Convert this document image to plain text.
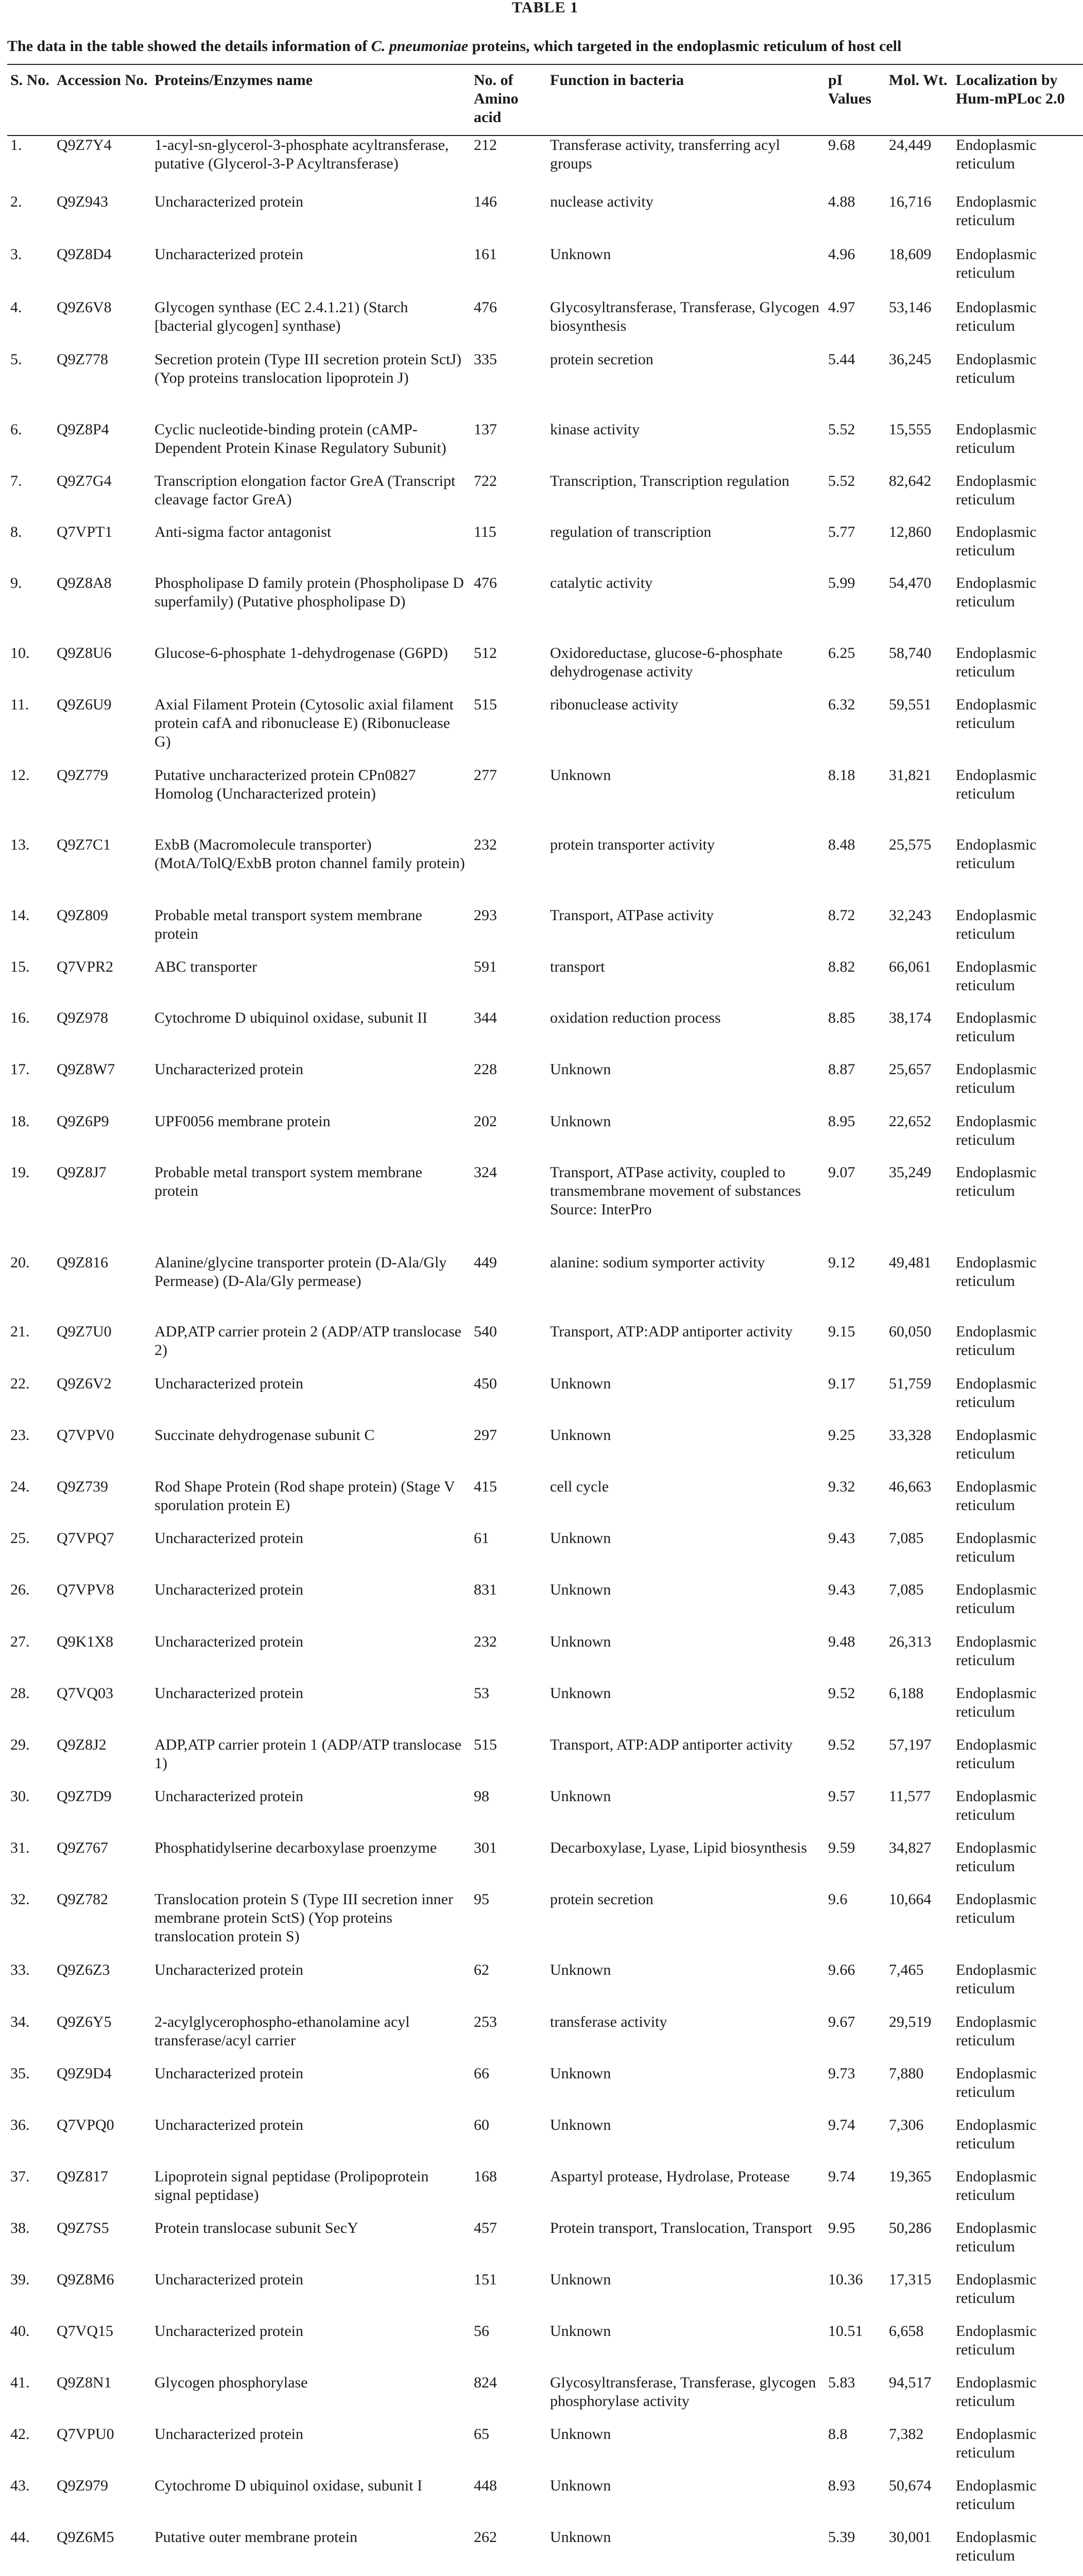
TABLE 1
The data in the table showed the details information of C. pneumoniae proteins, which targeted in the endoplasmic reticulum of host cell
S. No.	Accession No.	Proteins/Enzymes name	No. of Amino acid	Function in bacteria	pI Values	Mol. Wt.	Localization by Hum-mPLoc 2.0
1.	Q9Z7Y4	1-acyl-sn-glycerol-3-phosphate acyltransferase, putative (Glycerol-3-P Acyltransferase)	212	Transferase activity, transferring acyl groups	9.68	24,449	Endoplasmic reticulum
2.	Q9Z943	Uncharacterized protein	146	nuclease activity	4.88	16,716	Endoplasmic reticulum
3.	Q9Z8D4	Uncharacterized protein	161	Unknown	4.96	18,609	Endoplasmic reticulum
4.	Q9Z6V8	Glycogen synthase (EC 2.4.1.21) (Starch [bacterial glycogen] synthase)	476	Glycosyltransferase, Transferase, Glycogen biosynthesis	4.97	53,146	Endoplasmic reticulum
5.	Q9Z778	Secretion protein (Type III secretion protein SctJ) (Yop proteins translocation lipoprotein J)	335	protein secretion	5.44	36,245	Endoplasmic reticulum
6.	Q9Z8P4	Cyclic nucleotide-binding protein (cAMP-Dependent Protein Kinase Regulatory Subunit)	137	kinase activity	5.52	15,555	Endoplasmic reticulum
7.	Q9Z7G4	Transcription elongation factor GreA (Transcript cleavage factor GreA)	722	Transcription, Transcription regulation	5.52	82,642	Endoplasmic reticulum
8.	Q7VPT1	Anti-sigma factor antagonist	115	regulation of transcription	5.77	12,860	Endoplasmic reticulum
9.	Q9Z8A8	Phospholipase D family protein (Phospholipase D superfamily) (Putative phospholipase D)	476	catalytic activity	5.99	54,470	Endoplasmic reticulum
10.	Q9Z8U6	Glucose-6-phosphate 1-dehydrogenase (G6PD)	512	Oxidoreductase, glucose-6-phosphate dehydrogenase activity	6.25	58,740	Endoplasmic reticulum
11.	Q9Z6U9	Axial Filament Protein (Cytosolic axial filament protein cafA and ribonuclease E) (Ribonuclease G)	515	ribonuclease activity	6.32	59,551	Endoplasmic reticulum
12.	Q9Z779	Putative uncharacterized protein CPn0827 Homolog (Uncharacterized protein)	277	Unknown	8.18	31,821	Endoplasmic reticulum
13.	Q9Z7C1	ExbB (Macromolecule transporter) (MotA/TolQ/ExbB proton channel family protein)	232	protein transporter activity	8.48	25,575	Endoplasmic reticulum
14.	Q9Z809	Probable metal transport system membrane protein	293	Transport, ATPase activity	8.72	32,243	Endoplasmic reticulum
15.	Q7VPR2	ABC transporter	591	transport	8.82	66,061	Endoplasmic reticulum
16.	Q9Z978	Cytochrome D ubiquinol oxidase, subunit II	344	oxidation reduction process	8.85	38,174	Endoplasmic reticulum
17.	Q9Z8W7	Uncharacterized protein	228	Unknown	8.87	25,657	Endoplasmic reticulum
18.	Q9Z6P9	UPF0056 membrane protein	202	Unknown	8.95	22,652	Endoplasmic reticulum
19.	Q9Z8J7	Probable metal transport system membrane protein	324	Transport, ATPase activity, coupled to transmembrane movement of substances Source: InterPro	9.07	35,249	Endoplasmic reticulum
20.	Q9Z816	Alanine/glycine transporter protein (D-Ala/Gly Permease) (D-Ala/Gly permease)	449	alanine: sodium symporter activity	9.12	49,481	Endoplasmic reticulum
21.	Q9Z7U0	ADP,ATP carrier protein 2 (ADP/ATP translocase 2)	540	Transport, ATP:ADP antiporter activity	9.15	60,050	Endoplasmic reticulum
22.	Q9Z6V2	Uncharacterized protein	450	Unknown	9.17	51,759	Endoplasmic reticulum
23.	Q7VPV0	Succinate dehydrogenase subunit C	297	Unknown	9.25	33,328	Endoplasmic reticulum
24.	Q9Z739	Rod Shape Protein (Rod shape protein) (Stage V sporulation protein E)	415	cell cycle	9.32	46,663	Endoplasmic reticulum
25.	Q7VPQ7	Uncharacterized protein	61	Unknown	9.43	7,085	Endoplasmic reticulum
26.	Q7VPV8	Uncharacterized protein	831	Unknown	9.43	7,085	Endoplasmic reticulum
27.	Q9K1X8	Uncharacterized protein	232	Unknown	9.48	26,313	Endoplasmic reticulum
28.	Q7VQ03	Uncharacterized protein	53	Unknown	9.52	6,188	Endoplasmic reticulum
29.	Q9Z8J2	ADP,ATP carrier protein 1 (ADP/ATP translocase 1)	515	Transport, ATP:ADP antiporter activity	9.52	57,197	Endoplasmic reticulum
30.	Q9Z7D9	Uncharacterized protein	98	Unknown	9.57	11,577	Endoplasmic reticulum
31.	Q9Z767	Phosphatidylserine decarboxylase proenzyme	301	Decarboxylase, Lyase, Lipid biosynthesis	9.59	34,827	Endoplasmic reticulum
32.	Q9Z782	Translocation protein S (Type III secretion inner membrane protein SctS) (Yop proteins translocation protein S)	95	protein secretion	9.6	10,664	Endoplasmic reticulum
33.	Q9Z6Z3	Uncharacterized protein	62	Unknown	9.66	7,465	Endoplasmic reticulum
34.	Q9Z6Y5	2-acylglycerophospho-ethanolamine acyl transferase/acyl carrier	253	transferase activity	9.67	29,519	Endoplasmic reticulum
35.	Q9Z9D4	Uncharacterized protein	66	Unknown	9.73	7,880	Endoplasmic reticulum
36.	Q7VPQ0	Uncharacterized protein	60	Unknown	9.74	7,306	Endoplasmic reticulum
37.	Q9Z817	Lipoprotein signal peptidase (Prolipoprotein signal peptidase)	168	Aspartyl protease, Hydrolase, Protease	9.74	19,365	Endoplasmic reticulum
38.	Q9Z7S5	Protein translocase subunit SecY	457	Protein transport, Translocation, Transport	9.95	50,286	Endoplasmic reticulum
39.	Q9Z8M6	Uncharacterized protein	151	Unknown	10.36	17,315	Endoplasmic reticulum
40.	Q7VQ15	Uncharacterized protein	56	Unknown	10.51	6,658	Endoplasmic reticulum
41.	Q9Z8N1	Glycogen phosphorylase	824	Glycosyltransferase, Transferase, glycogen phosphorylase activity	5.83	94,517	Endoplasmic reticulum
42.	Q7VPU0	Uncharacterized protein	65	Unknown	8.8	7,382	Endoplasmic reticulum
43.	Q9Z979	Cytochrome D ubiquinol oxidase, subunit I	448	Unknown	8.93	50,674	Endoplasmic reticulum
44.	Q9Z6M5	Putative outer membrane protein	262	Unknown	5.39	30,001	Endoplasmic reticulum
